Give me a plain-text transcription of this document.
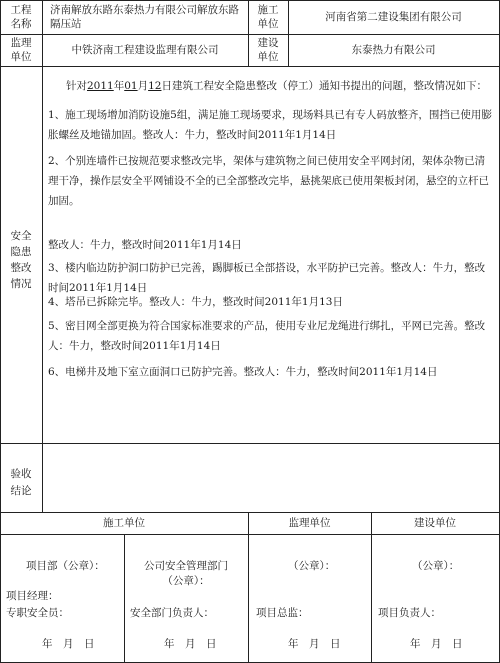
工程
名称
济南解放东路东泰热力有限公司解放东路
隔压站
施工
单位
河南省第二建设集团有限公司
监理
单位
中铁济南工程建设监理有限公司
建设
单位
东泰热力有限公司
安全
隐患
整改
情况
针对2011年01月12日建筑工程安全隐患整改（停工）通知书提出的问题，整改情况如下：
1、施工现场增加消防设施5组，满足施工现场要求，现场料具已有专人码放整齐，围挡已使用膨胀螺丝及地锚加固。整改人：牛力，整改时间2011年1月14日
2、个别连墙件已按规范要求整改完毕，架体与建筑物之间已使用安全平网封闭，架体杂物已清理干净，操作层安全平网铺设不全的已全部整改完毕，悬挑架底已使用架板封闭，悬空的立杆已加固。
整改人：牛力，整改时间2011年1月14日
3、楼内临边防护洞口防护已完善，踢脚板已全部搭设，水平防护已完善。整改人：牛力，整改时间2011年1月14日
4、塔吊已拆除完毕。整改人：牛力，整改时间2011年1月13日
5、密目网全部更换为符合国家标准要求的产品，使用专业尼龙绳进行绑扎，平网已完善。整改人：牛力，整改时间2011年1月14日
6、电梯井及地下室立面洞口已防护完善。整改人：牛力，整改时间2011年1月14日
验收
结论
施工单位	监理单位	建设单位
项目部（公章）：
项目经理：
专职安全员：
年　月　日
公司安全管理部门
（公章）：
安全部门负责人：
年　月　日
（公章）：
项目总监：
年　月　日
（公章）：
项目负责人：
年　月　日
